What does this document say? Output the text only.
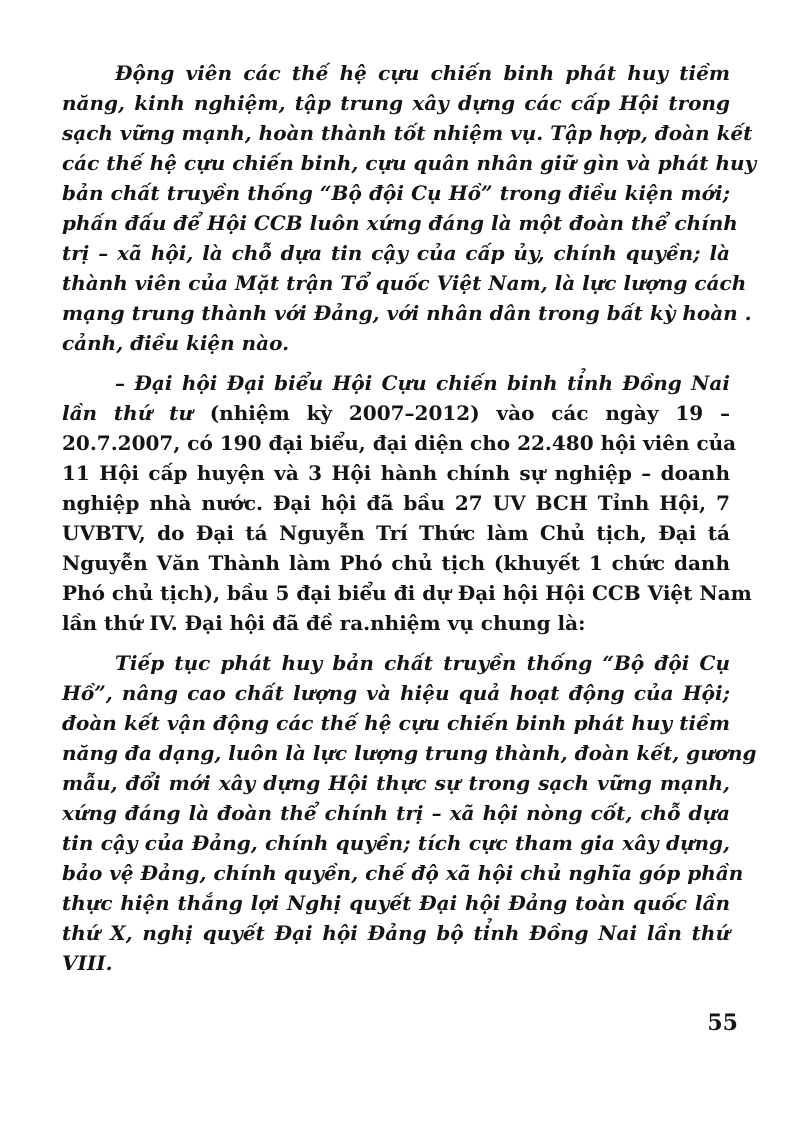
Động viên các thế hệ cựu chiến binh phát huy tiềm
năng, kinh nghiệm, tập trung xây dựng các cấp Hội trong
sạch vững mạnh, hoàn thành tốt nhiệm vụ. Tập hợp, đoàn kết
các thế hệ cựu chiến binh, cựu quân nhân giữ gìn và phát huy
bản chất truyền thống “Bộ đội Cụ Hồ” trong điều kiện mới;
phấn đấu để Hội CCB luôn xứng đáng là một đoàn thể chính
trị – xã hội, là chỗ dựa tin cậy của cấp ủy, chính quyền; là
thành viên của Mặt trận Tổ quốc Việt Nam, là lực lượng cách
mạng trung thành với Đảng, với nhân dân trong bất kỳ hoàn .
cảnh, điều kiện nào.
– Đại hội Đại biểu Hội Cựu chiến binh tỉnh Đồng Nai
lần thứ tư (nhiệm kỳ 2007–2012) vào các ngày 19 –
20.7.2007, có 190 đại biểu, đại diện cho 22.480 hội viên của
11 Hội cấp huyện và 3 Hội hành chính sự nghiệp – doanh
nghiệp nhà nước. Đại hội đã bầu 27 UV BCH Tỉnh Hội, 7
UVBTV, do Đại tá Nguyễn Trí Thức làm Chủ tịch, Đại tá
Nguyễn Văn Thành làm Phó chủ tịch (khuyết 1 chức danh
Phó chủ tịch), bầu 5 đại biểu đi dự Đại hội Hội CCB Việt Nam
lần thứ IV. Đại hội đã đề ra.nhiệm vụ chung là:
Tiếp tục phát huy bản chất truyền thống “Bộ đội Cụ
Hồ”, nâng cao chất lượng và hiệu quả hoạt động của Hội;
đoàn kết vận động các thế hệ cựu chiến binh phát huy tiềm
năng đa dạng, luôn là lực lượng trung thành, đoàn kết, gương
mẫu, đổi mới xây dựng Hội thực sự trong sạch vững mạnh,
xứng đáng là đoàn thể chính trị – xã hội nòng cốt, chỗ dựa
tin cậy của Đảng, chính quyền; tích cực tham gia xây dựng,
bảo vệ Đảng, chính quyền, chế độ xã hội chủ nghĩa góp phần
thực hiện thắng lợi Nghị quyết Đại hội Đảng toàn quốc lần
thứ X, nghị quyết Đại hội Đảng bộ tỉnh Đồng Nai lần thứ
VIII.
55
